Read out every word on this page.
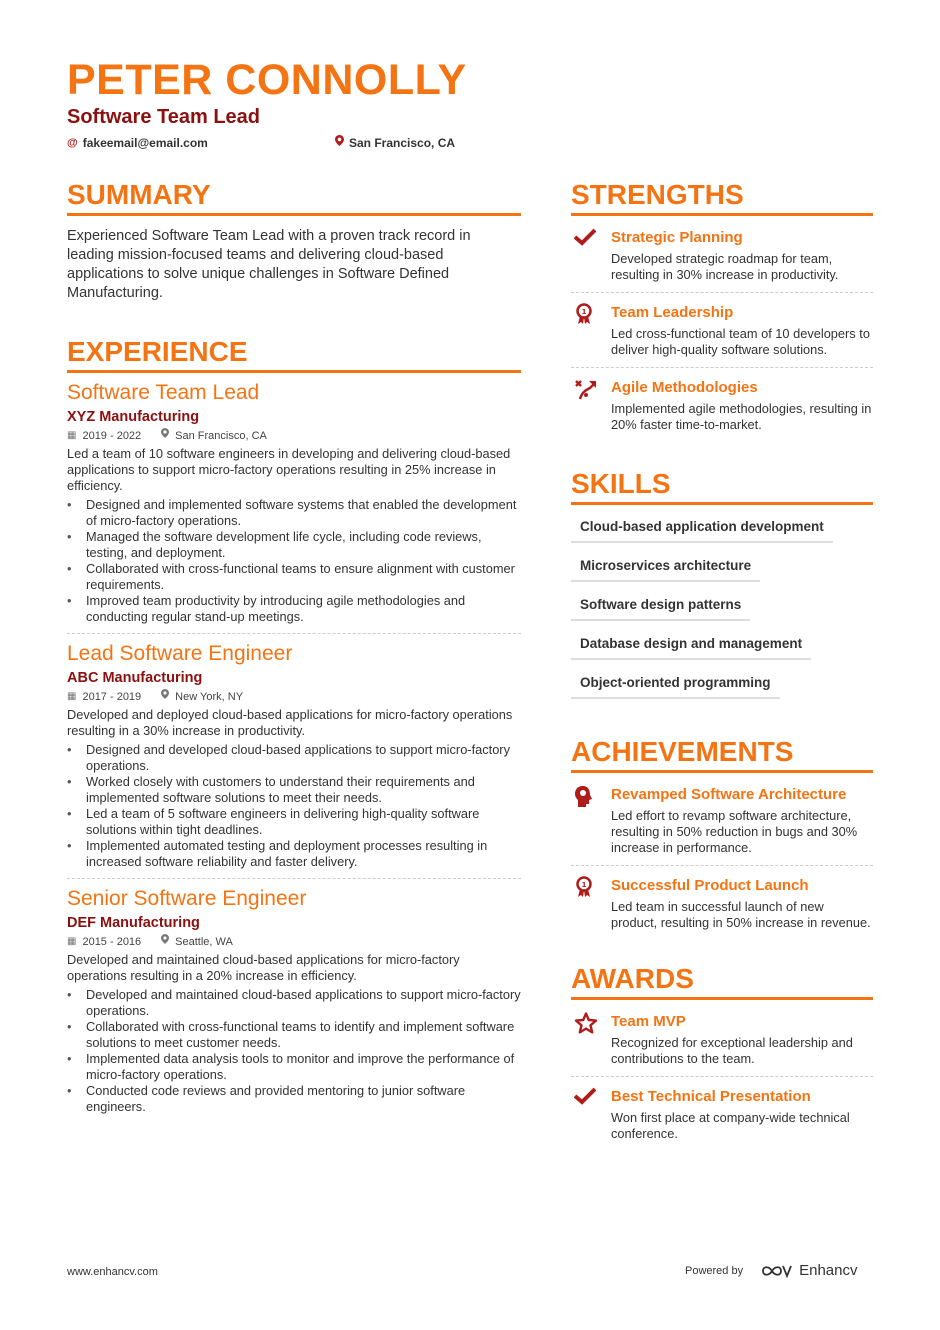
PETER CONNOLLY
Software Team Lead
@ fakeemail@email.com	San Francisco, CA
SUMMARY
Experienced Software Team Lead with a proven track record in leading mission-focused teams and delivering cloud-based applications to solve unique challenges in Software Defined Manufacturing.
EXPERIENCE
Software Team Lead
XYZ Manufacturing
▦ 2019 - 2022	San Francisco, CA
Led a team of 10 software engineers in developing and delivering cloud-based applications to support micro-factory operations resulting in 25% increase in efficiency.
• Designed and implemented software systems that enabled the development of micro-factory operations.
• Managed the software development life cycle, including code reviews, testing, and deployment.
• Collaborated with cross-functional teams to ensure alignment with customer requirements.
• Improved team productivity by introducing agile methodologies and conducting regular stand-up meetings.
Lead Software Engineer
ABC Manufacturing
▦ 2017 - 2019	New York, NY
Developed and deployed cloud-based applications for micro-factory operations resulting in a 30% increase in productivity.
• Designed and developed cloud-based applications to support micro-factory operations.
• Worked closely with customers to understand their requirements and implemented software solutions to meet their needs.
• Led a team of 5 software engineers in delivering high-quality software solutions within tight deadlines.
• Implemented automated testing and deployment processes resulting in increased software reliability and faster delivery.
Senior Software Engineer
DEF Manufacturing
▦ 2015 - 2016	Seattle, WA
Developed and maintained cloud-based applications for micro-factory operations resulting in a 20% increase in efficiency.
• Developed and maintained cloud-based applications to support micro-factory operations.
• Collaborated with cross-functional teams to identify and implement software solutions to meet customer needs.
• Implemented data analysis tools to monitor and improve the performance of micro-factory operations.
• Conducted code reviews and provided mentoring to junior software engineers.
STRENGTHS
Strategic Planning
Developed strategic roadmap for team, resulting in 30% increase in productivity.
1 Team Leadership
Led cross-functional team of 10 developers to deliver high-quality software solutions.
Agile Methodologies
Implemented agile methodologies, resulting in 20% faster time-to-market.
SKILLS
Cloud-based application development
Microservices architecture
Software design patterns
Database design and management
Object-oriented programming
ACHIEVEMENTS
Revamped Software Architecture
Led effort to revamp software architecture, resulting in 50% reduction in bugs and 30% increase in performance.
1 Successful Product Launch
Led team in successful launch of new product, resulting in 50% increase in revenue.
AWARDS
Team MVP
Recognized for exceptional leadership and contributions to the team.
Best Technical Presentation
Won first place at company-wide technical conference.
www.enhancv.com	Powered by	Enhancv
